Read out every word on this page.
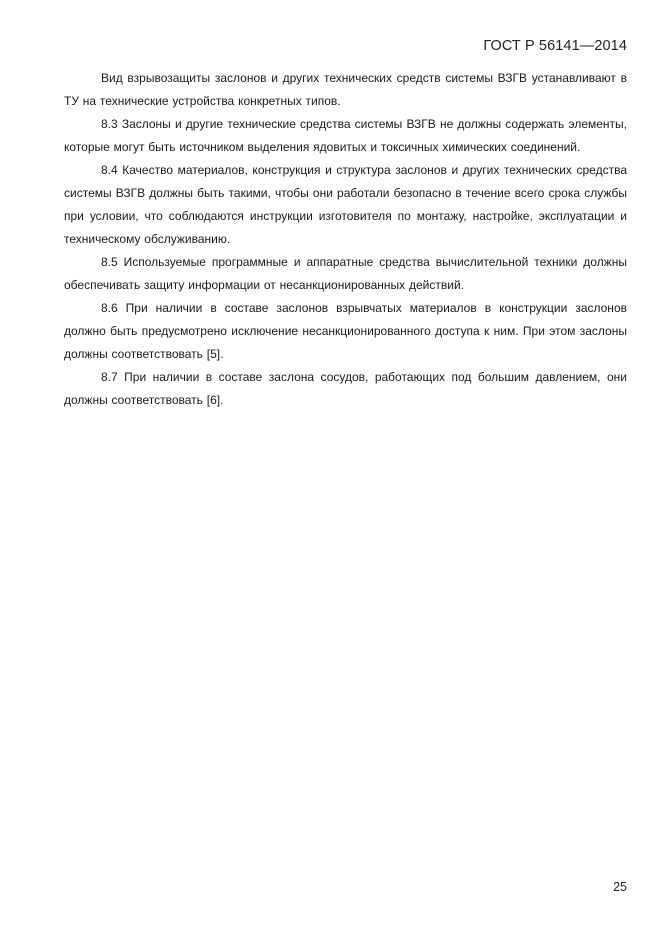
ГОСТ Р 56141—2014

Вид взрывозащиты заслонов и других технических средств системы ВЗГВ устанавливают в ТУ на технические устройства конкретных типов.

8.3 Заслоны и другие технические средства системы ВЗГВ не должны содержать элементы, которые могут быть источником выделения ядовитых и токсичных химических соединений.

8.4 Качество материалов, конструкция и структура заслонов и других технических средства системы ВЗГВ должны быть такими, чтобы они работали безопасно в течение всего срока службы при условии, что соблюдаются инструкции изготовителя по монтажу, настройке, эксплуатации и техническому обслуживанию.

8.5 Используемые программные и аппаратные средства вычислительной техники должны обеспечивать защиту информации от несанкционированных действий.

8.6 При наличии в составе заслонов взрывчатых материалов в конструкции заслонов должно быть предусмотрено исключение несанкционированного доступа к ним. При этом заслоны должны соответствовать [5].

8.7 При наличии в составе заслона сосудов, работающих под большим давлением, они должны соответствовать [6].

25
